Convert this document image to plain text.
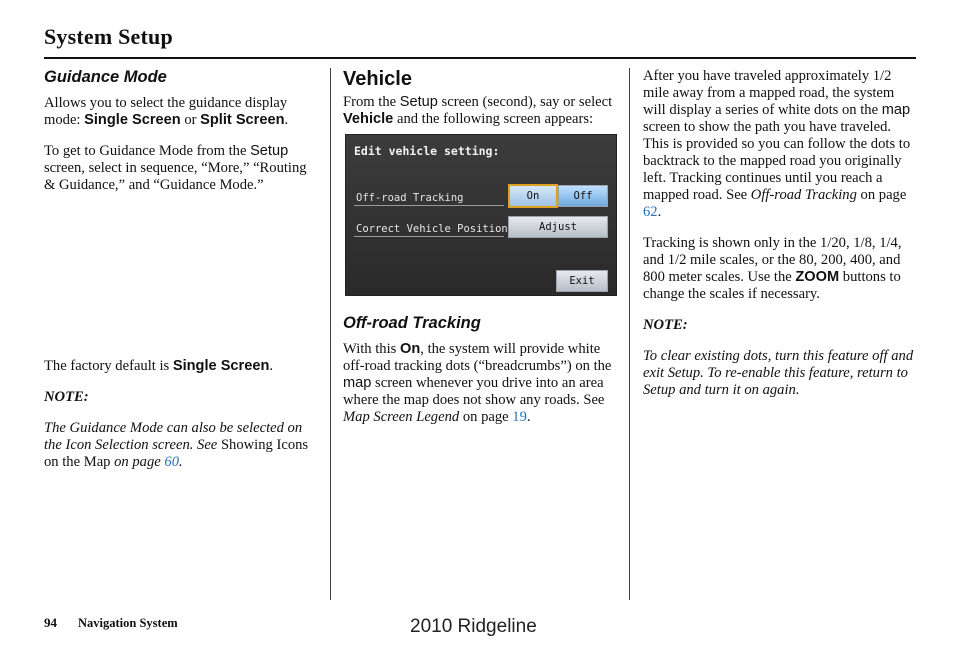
System Setup
Guidance Mode

Allows you to select the guidance display mode: Single Screen or Split Screen.

To get to Guidance Mode from the Setup screen, select in sequence, “More,” “Routing & Guidance,” and “Guidance Mode.”

The factory default is Single Screen.

NOTE:

The Guidance Mode can also be selected on the Icon Selection screen. See Showing Icons on the Map on page 60.

Vehicle

From the Setup screen (second), say or select Vehicle and the following screen appears:

Edit vehicle setting:
Off-road Tracking	On	Off
Correct Vehicle Position	Adjust
Exit
Off-road Tracking

With this On, the system will provide white off-road tracking dots (“breadcrumbs”) on the map screen whenever you drive into an area where the map does not show any roads. See Map Screen Legend on page 19.

After you have traveled approximately 1/2 mile away from a mapped road, the system will display a series of white dots on the map screen to show the path you have traveled. This is provided so you can follow the dots to backtrack to the mapped road you originally left. Tracking continues until you reach a mapped road. See Off-road Tracking on page 62.

Tracking is shown only in the 1/20, 1/8, 1/4, and 1/2 mile scales, or the 80, 200, 400, and 800 meter scales. Use the ZOOM buttons to change the scales if necessary.

NOTE:

To clear existing dots, turn this feature off and exit Setup. To re-enable this feature, return to Setup and turn it on again.

94 Navigation System	2010 Ridgeline
